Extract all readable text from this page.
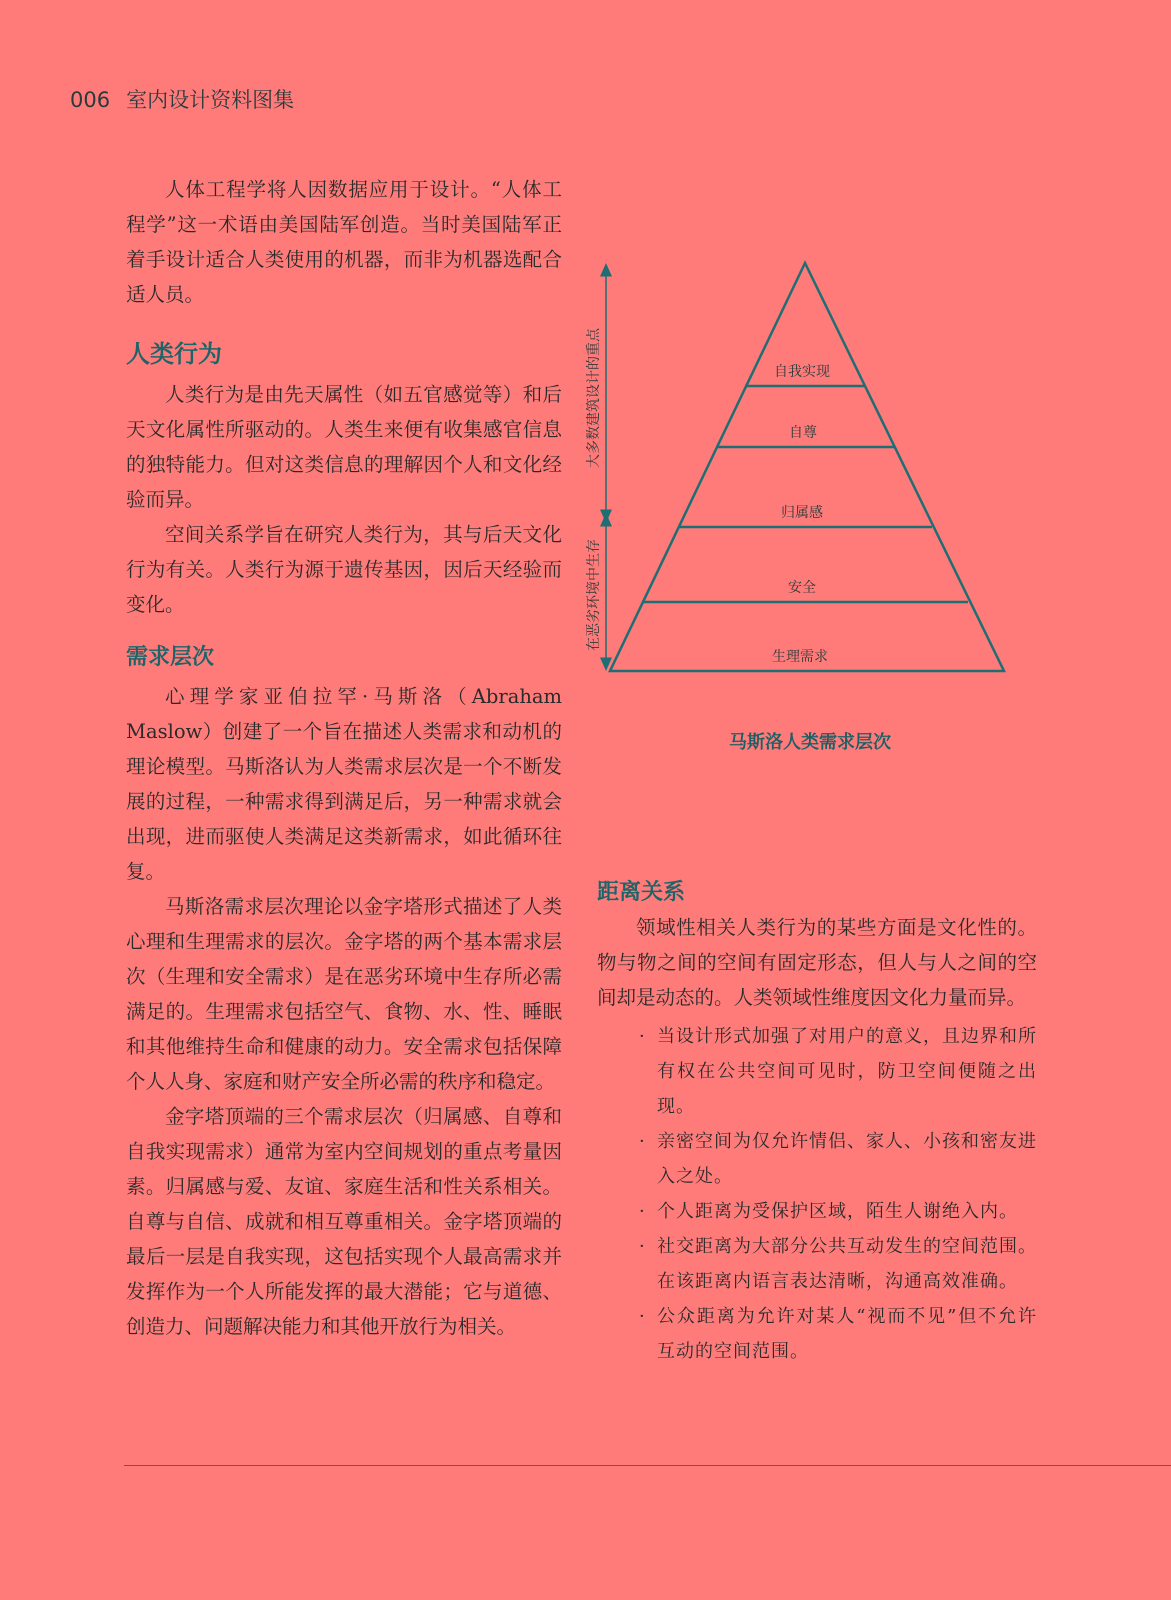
006 室内设计资料图集

人体工程学将人因数据应用于设计。“人体工程学”这一术语由美国陆军创造。当时美国陆军正着手设计适合人类使用的机器，而非为机器选配合适人员。

人类行为

人类行为是由先天属性（如五官感觉等）和后天文化属性所驱动的。人类生来便有收集感官信息的独特能力。但对这类信息的理解因个人和文化经验而异。

空间关系学旨在研究人类行为，其与后天文化行为有关。人类行为源于遗传基因，因后天经验而变化。

需求层次

心理学家亚伯拉罕·马斯洛（Abraham Maslow）创建了一个旨在描述人类需求和动机的理论模型。马斯洛认为人类需求层次是一个不断发展的过程，一种需求得到满足后，另一种需求就会出现，进而驱使人类满足这类新需求，如此循环往复。

马斯洛需求层次理论以金字塔形式描述了人类心理和生理需求的层次。金字塔的两个基本需求层次（生理和安全需求）是在恶劣环境中生存所必需满足的。生理需求包括空气、食物、水、性、睡眠和其他维持生命和健康的动力。安全需求包括保障个人人身、家庭和财产安全所必需的秩序和稳定。

金字塔顶端的三个需求层次（归属感、自尊和自我实现需求）通常为室内空间规划的重点考量因素。归属感与爱、友谊、家庭生活和性关系相关。自尊与自信、成就和相互尊重相关。金字塔顶端的最后一层是自我实现，这包括实现个人最高需求并发挥作为一个人所能发挥的最大潜能；它与道德、创造力、问题解决能力和其他开放行为相关。

自我实现
自尊
归属感
安全
生理需求
大多数建筑设计的重点
在恶劣环境中生存
马斯洛人类需求层次
距离关系

领域性相关人类行为的某些方面是文化性的。物与物之间的空间有固定形态，但人与人之间的空间却是动态的。人类领域性维度因文化力量而异。

· 当设计形式加强了对用户的意义，且边界和所有权在公共空间可见时，防卫空间便随之出现。
· 亲密空间为仅允许情侣、家人、小孩和密友进入之处。
· 个人距离为受保护区域，陌生人谢绝入内。
· 社交距离为大部分公共互动发生的空间范围。在该距离内语言表达清晰，沟通高效准确。
· 公众距离为允许对某人“视而不见”但不允许互动的空间范围。
